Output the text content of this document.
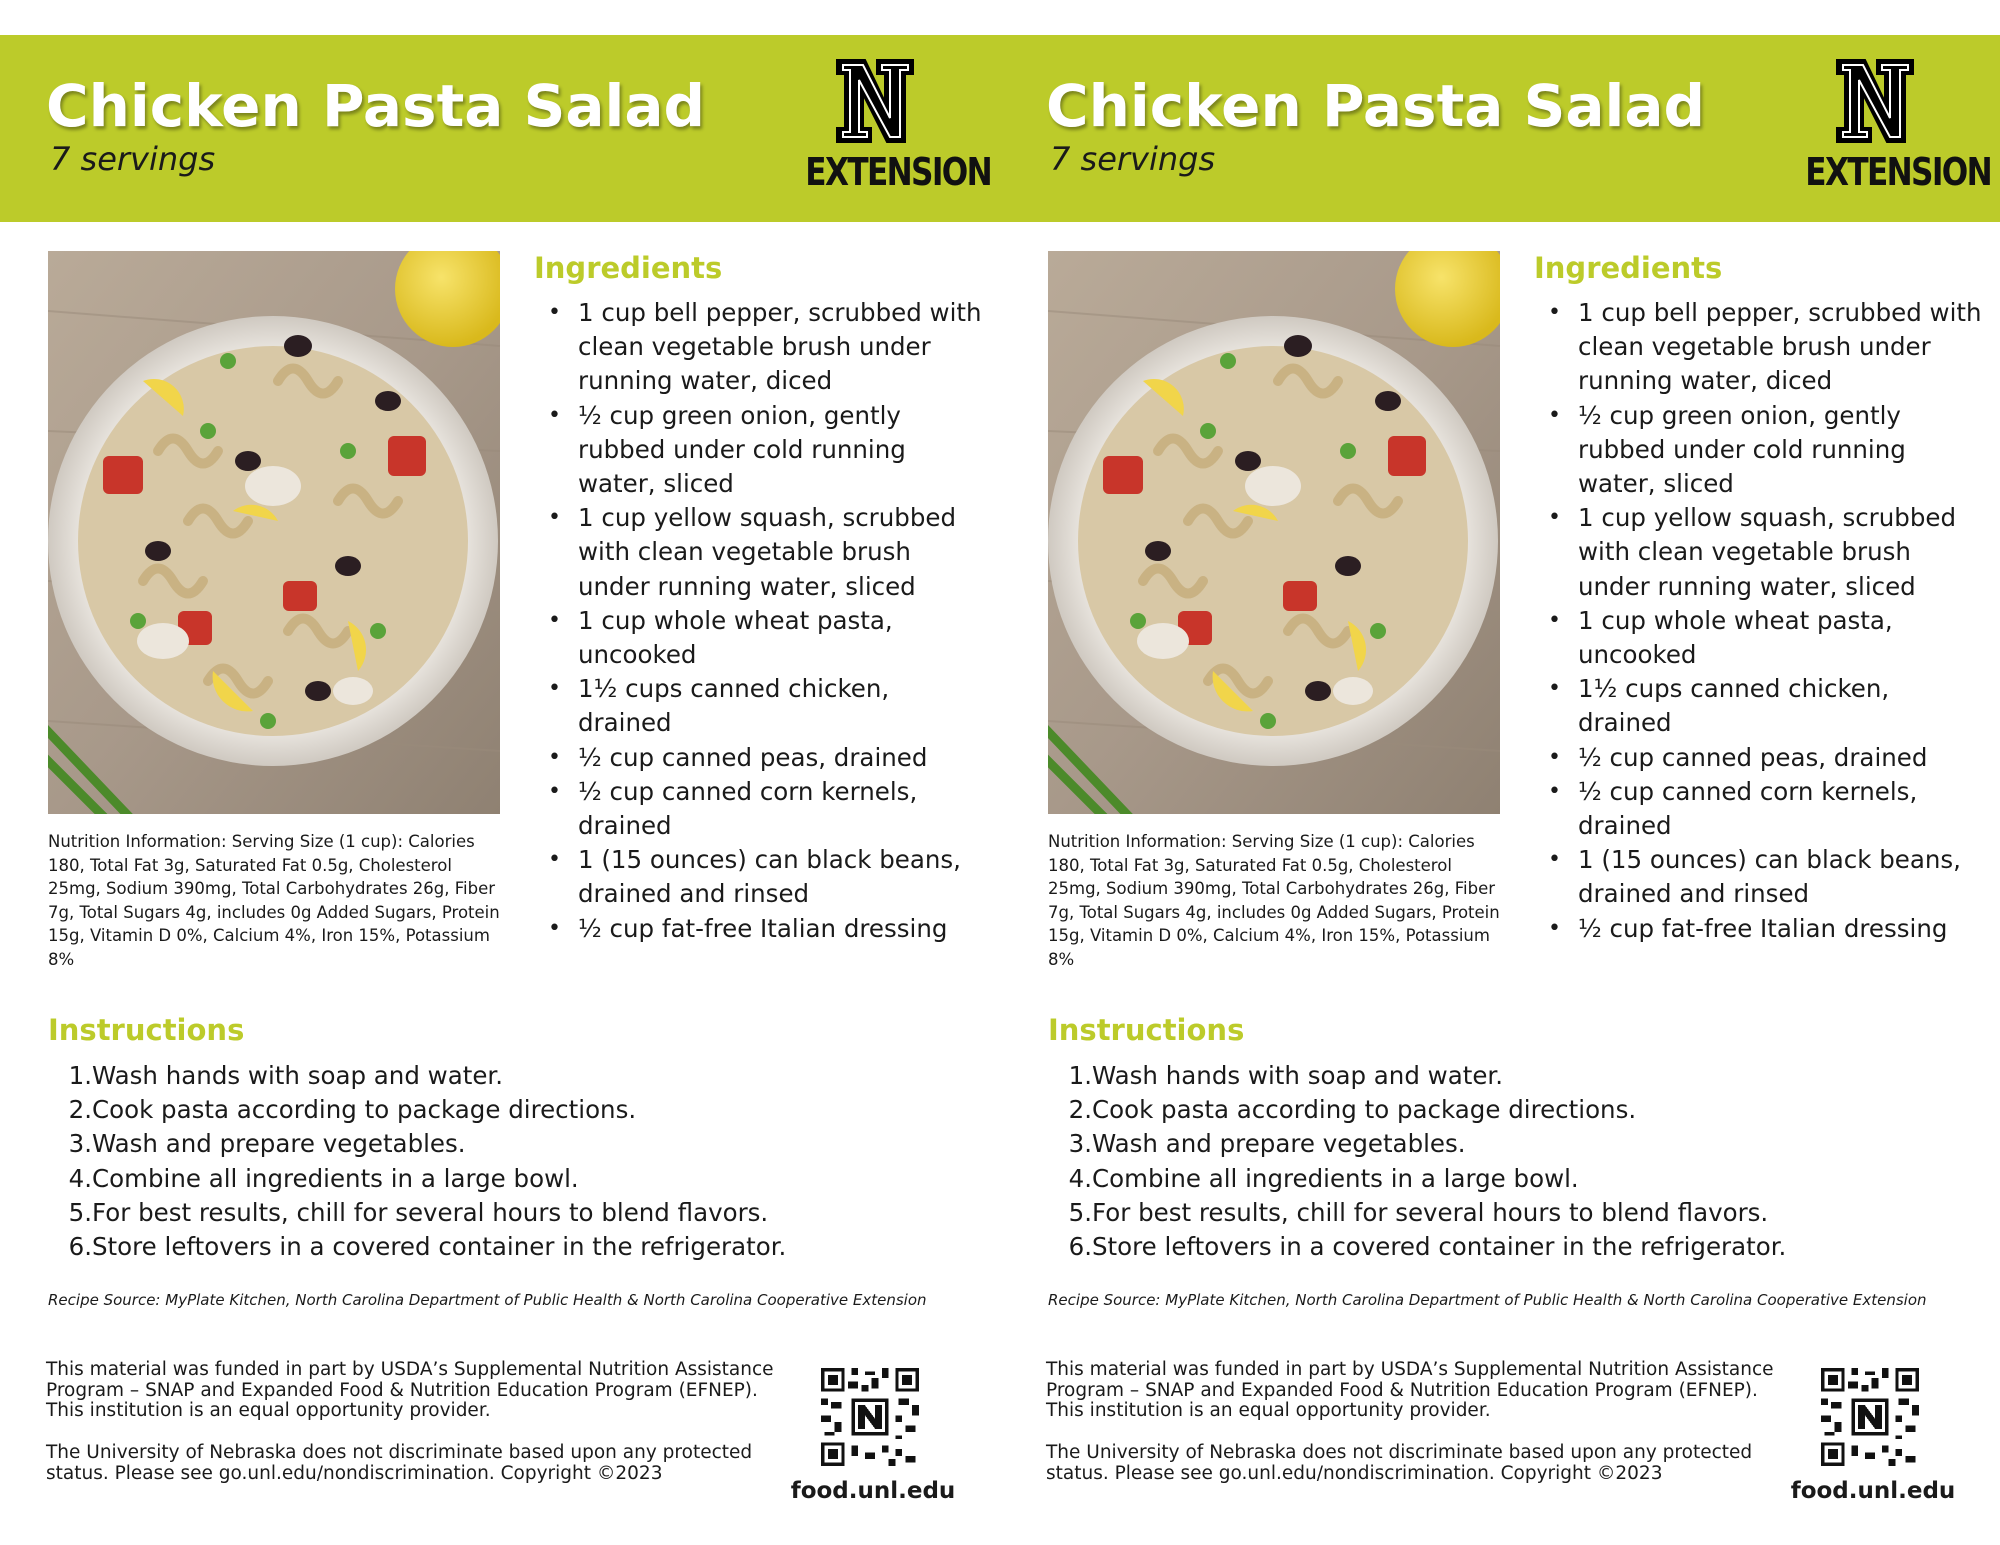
Chicken Pasta Salad
7 servings	EXTENSION
Nutrition Information: Serving Size (1 cup): Calories 180, Total Fat 3g, Saturated Fat 0.5g, Cholesterol 25mg, Sodium 390mg, Total Carbohydrates 26g, Fiber 7g, Total Sugars 4g, includes 0g Added Sugars, Protein 15g, Vitamin D 0%, Calcium 4%, Iron 15%, Potassium 8%
Ingredients
• 1 cup bell pepper, scrubbed with clean vegetable brush under running water, diced
• ½ cup green onion, gently rubbed under cold running water, sliced
• 1 cup yellow squash, scrubbed with clean vegetable brush under running water, sliced
• 1 cup whole wheat pasta, uncooked
• 1½ cups canned chicken, drained
• ½ cup canned peas, drained
• ½ cup canned corn kernels, drained
• 1 (15 ounces) can black beans, drained and rinsed
• ½ cup fat-free Italian dressing
Instructions
1.Wash hands with soap and water.
2.Cook pasta according to package directions.
3.Wash and prepare vegetables.
4.Combine all ingredients in a large bowl.
5.For best results, chill for several hours to blend flavors.
6.Store leftovers in a covered container in the refrigerator.
Recipe Source: MyPlate Kitchen, North Carolina Department of Public Health & North Carolina Cooperative Extension
This material was funded in part by USDA’s Supplemental Nutrition Assistance Program – SNAP and Expanded Food & Nutrition Education Program (EFNEP). This institution is an equal opportunity provider.
The University of Nebraska does not discriminate based upon any protected status. Please see go.unl.edu/nondiscrimination. Copyright ©2023
food.unl.edu
Chicken Pasta Salad
7 servings	EXTENSION
Nutrition Information: Serving Size (1 cup): Calories 180, Total Fat 3g, Saturated Fat 0.5g, Cholesterol 25mg, Sodium 390mg, Total Carbohydrates 26g, Fiber 7g, Total Sugars 4g, includes 0g Added Sugars, Protein 15g, Vitamin D 0%, Calcium 4%, Iron 15%, Potassium 8%
Ingredients
• 1 cup bell pepper, scrubbed with clean vegetable brush under running water, diced
• ½ cup green onion, gently rubbed under cold running water, sliced
• 1 cup yellow squash, scrubbed with clean vegetable brush under running water, sliced
• 1 cup whole wheat pasta, uncooked
• 1½ cups canned chicken, drained
• ½ cup canned peas, drained
• ½ cup canned corn kernels, drained
• 1 (15 ounces) can black beans, drained and rinsed
• ½ cup fat-free Italian dressing
Instructions
1.Wash hands with soap and water.
2.Cook pasta according to package directions.
3.Wash and prepare vegetables.
4.Combine all ingredients in a large bowl.
5.For best results, chill for several hours to blend flavors.
6.Store leftovers in a covered container in the refrigerator.
Recipe Source: MyPlate Kitchen, North Carolina Department of Public Health & North Carolina Cooperative Extension
This material was funded in part by USDA’s Supplemental Nutrition Assistance Program – SNAP and Expanded Food & Nutrition Education Program (EFNEP). This institution is an equal opportunity provider.
The University of Nebraska does not discriminate based upon any protected status. Please see go.unl.edu/nondiscrimination. Copyright ©2023
food.unl.edu
